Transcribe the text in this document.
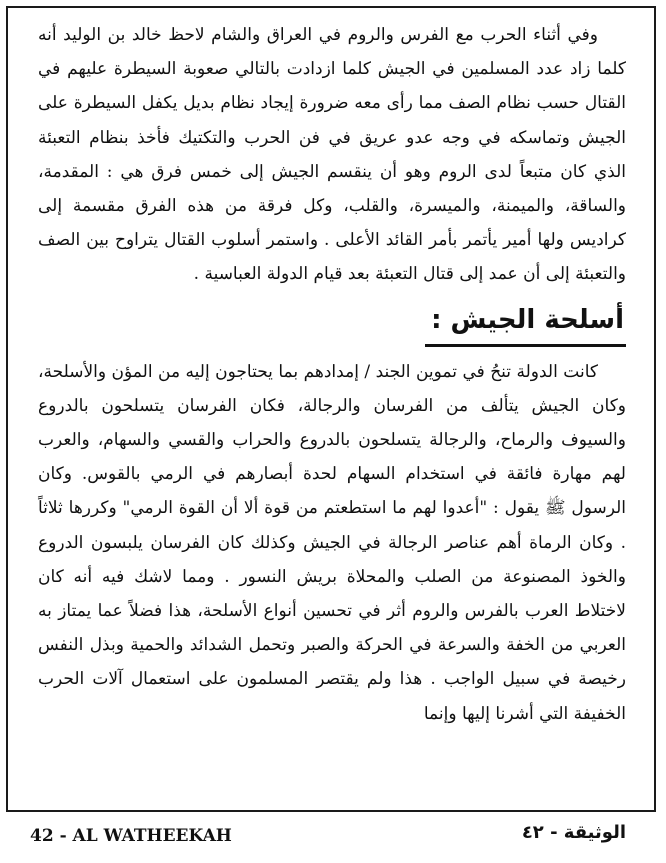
وفي أثناء الحرب مع الفرس والروم في العراق والشام لاحظ خالد بن الوليد أنه كلما زاد عدد المسلمين في الجيش كلما ازدادت بالتالي صعوبة السيطرة عليهم في القتال حسب نظام الصف مما رأى معه ضرورة إيجاد نظام بديل يكفل السيطرة على الجيش وتماسكه في وجه عدو عريق في فن الحرب والتكتيك فأخذ بنظام التعبئة الذي كان متبعاً لدى الروم وهو أن ينقسم الجيش إلى خمس فرق هي : المقدمة، والساقة، والميمنة، والميسرة، والقلب، وكل فرقة من هذه الفرق مقسمة إلى كراديس ولها أمير يأتمر بأمر القائد الأعلى . واستمر أسلوب القتال يتراوح بين الصف والتعبئة إلى أن عمد إلى قتال التعبئة بعد قيام الدولة العباسية .

أسلحة الجيش :

كانت الدولة تنحُ في تموين الجند / إمدادهم بما يحتاجون إليه من المؤن والأسلحة، وكان الجيش يتألف من الفرسان والرجالة، فكان الفرسان يتسلحون بالدروع والسيوف والرماح، والرجالة يتسلحون بالدروع والحراب والقسي والسهام، والعرب لهم مهارة فائقة في استخدام السهام لحدة أبصارهم في الرمي بالقوس. وكان الرسول ﷺ يقول : "أعدوا لهم ما استطعتم من قوة ألا أن القوة الرمي" وكررها ثلاثاً . وكان الرماة أهم عناصر الرجالة في الجيش وكذلك كان الفرسان يلبسون الدروع والخوذ المصنوعة من الصلب والمحلاة بريش النسور . ومما لاشك فيه أنه كان لاختلاط العرب بالفرس والروم أثر في تحسين أنواع الأسلحة، هذا فضلاً عما يمتاز به العربي من الخفة والسرعة في الحركة والصبر وتحمل الشدائد والحمية وبذل النفس رخيصة في سبيل الواجب . هذا ولم يقتصر المسلمون على استعمال آلات الحرب الخفيفة التي أشرنا إليها وإنما

42 - AL WATHEEKAH	الوثيقة - ٤٢
